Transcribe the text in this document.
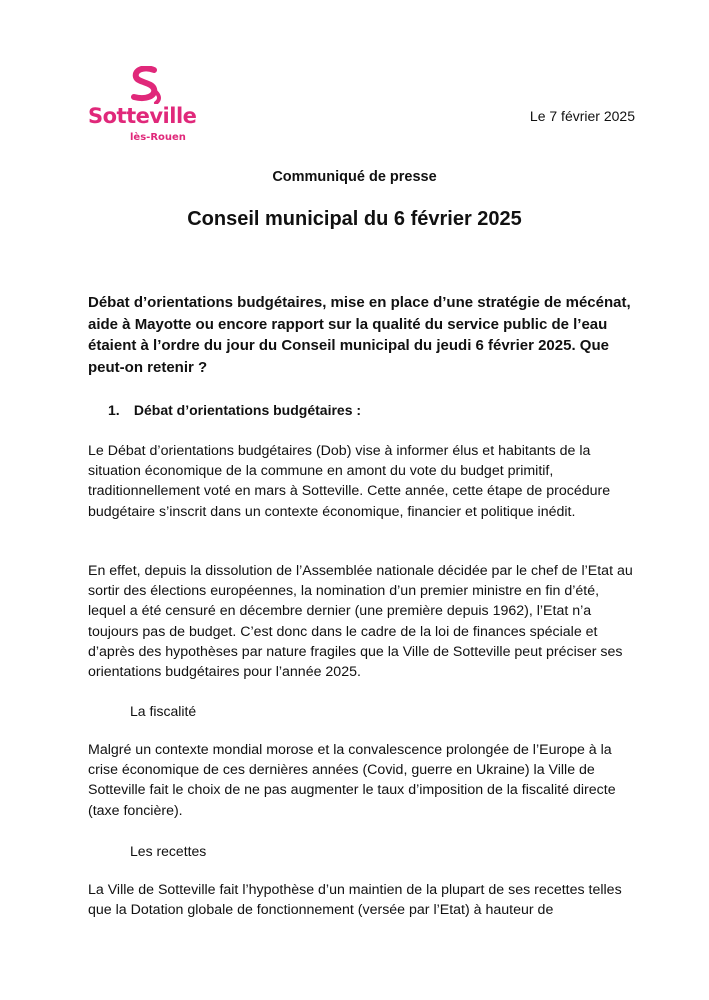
Sotteville
lès-Rouen
Le 7 février 2025
Communiqué de presse
Conseil municipal du 6 février 2025
Débat d’orientations budgétaires, mise en place d’une stratégie de mécénat, aide à Mayotte ou encore rapport sur la qualité du service public de l’eau étaient à l’ordre du jour du Conseil municipal du jeudi 6 février 2025. Que peut-on retenir ?
1. Débat d’orientations budgétaires :

Le Débat d’orientations budgétaires (Dob) vise à informer élus et habitants de la situation économique de la commune en amont du vote du budget primitif, traditionnellement voté en mars à Sotteville. Cette année, cette étape de procédure budgétaire s’inscrit dans un contexte économique, financier et politique inédit.

En effet, depuis la dissolution de l’Assemblée nationale décidée par le chef de l’Etat au sortir des élections européennes, la nomination d’un premier ministre en fin d’été, lequel a été censuré en décembre dernier (une première depuis 1962), l’Etat n’a toujours pas de budget. C’est donc dans le cadre de la loi de finances spéciale et d’après des hypothèses par nature fragiles que la Ville de Sotteville peut préciser ses orientations budgétaires pour l’année 2025.

La fiscalité

Malgré un contexte mondial morose et la convalescence prolongée de l’Europe à la crise économique de ces dernières années (Covid, guerre en Ukraine) la Ville de Sotteville fait le choix de ne pas augmenter le taux d’imposition de la fiscalité directe (taxe foncière).

Les recettes

La Ville de Sotteville fait l’hypothèse d’un maintien de la plupart de ses recettes telles que la Dotation globale de fonctionnement (versée par l’Etat) à hauteur de
